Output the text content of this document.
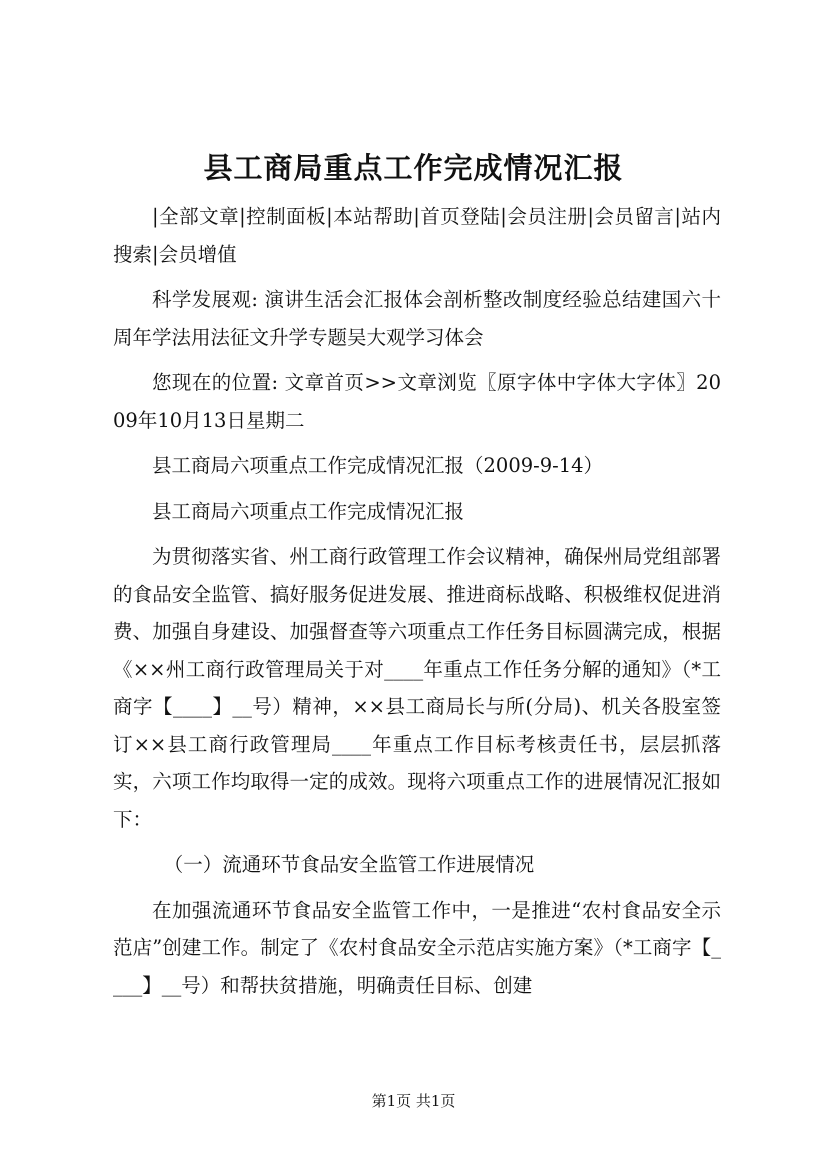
县工商局重点工作完成情况汇报

|全部文章|控制面板|本站帮助|首页登陆|会员注册|会员留言|站内搜索|会员增值

科学发展观: 演讲生活会汇报体会剖析整改制度经验总结建国六十周年学法用法征文升学专题吴大观学习体会

您现在的位置: 文章首页>>文章浏览〖原字体中字体大字体〗2009年10月13日星期二

县工商局六项重点工作完成情况汇报（2009-9-14）

县工商局六项重点工作完成情况汇报

为贯彻落实省、州工商行政管理工作会议精神，确保州局党组部署的食品安全监管、搞好服务促进发展、推进商标战略、积极维权促进消费、加强自身建设、加强督查等六项重点工作任务目标圆满完成，根据《××州工商行政管理局关于对____年重点工作任务分解的通知》（*工商字【____】__号）精神，××县工商局长与所(分局)、机关各股室签订××县工商行政管理局____年重点工作目标考核责任书，层层抓落实，六项工作均取得一定的成效。现将六项重点工作的进展情况汇报如下：

（一）流通环节食品安全监管工作进展情况

在加强流通环节食品安全监管工作中，一是推进“农村食品安全示范店”创建工作。制定了《农村食品安全示范店实施方案》（*工商字【____】__号）和帮扶贫措施，明确责任目标、创建

第1页 共1页
